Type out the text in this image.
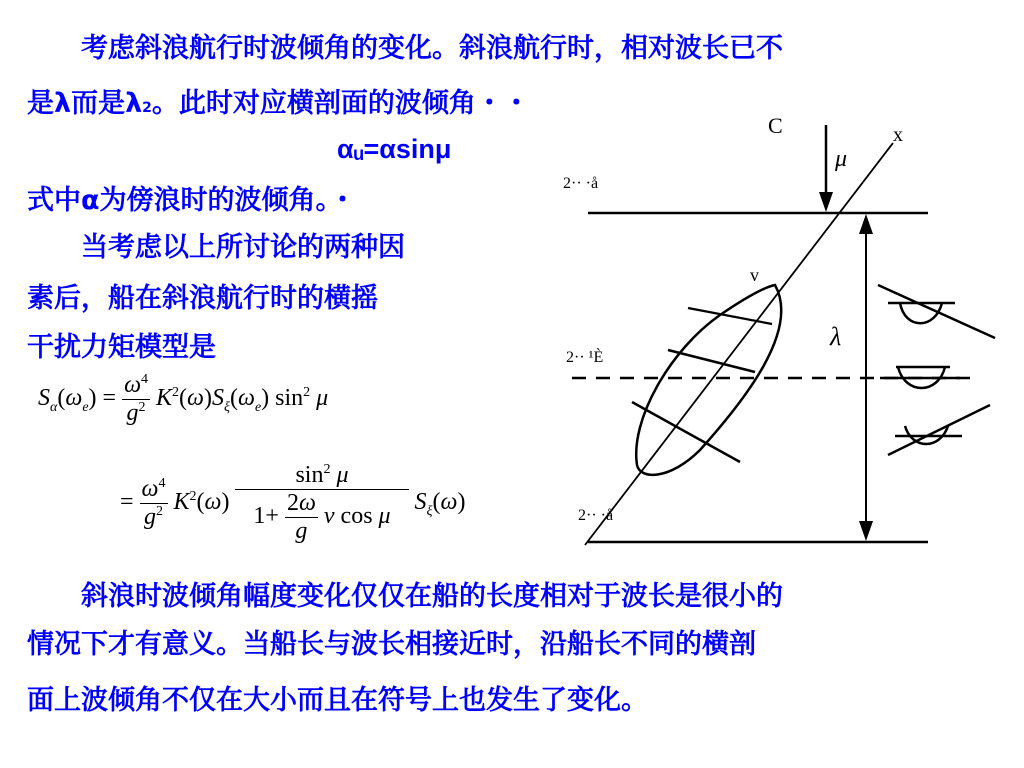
考虑斜浪航行时波倾角的变化。斜浪航行时，相对波长已不
是λ而是λ2。此时对应横剖面的波倾角・・
αᵤ=αsinμ
式中α为傍浪时的波倾角。・
当考虑以上所讨论的两种因
素后，船在斜浪航行时的横摇
干扰力矩模型是
$S_\alpha(\omega_e) = \frac{\omega^4}{g^2} K^2(\omega)S_\xi(\omega_e)$ $\sin^2 \mu$
= $\frac{\omega^4}{g^2} K^2(\omega) \frac{\sin^2 \mu}{1+ \frac{2\omega}{g} v \cos \mu} S_\xi(\omega)$
C	x
μ
v
λ
2·· ·å
2·· ¹È
2·· ·å
斜浪时波倾角幅度变化仅仅在船的长度相对于波长是很小的
情况下才有意义。当船长与波长相接近时，沿船长不同的横剖
面上波倾角不仅在大小而且在符号上也发生了变化。
